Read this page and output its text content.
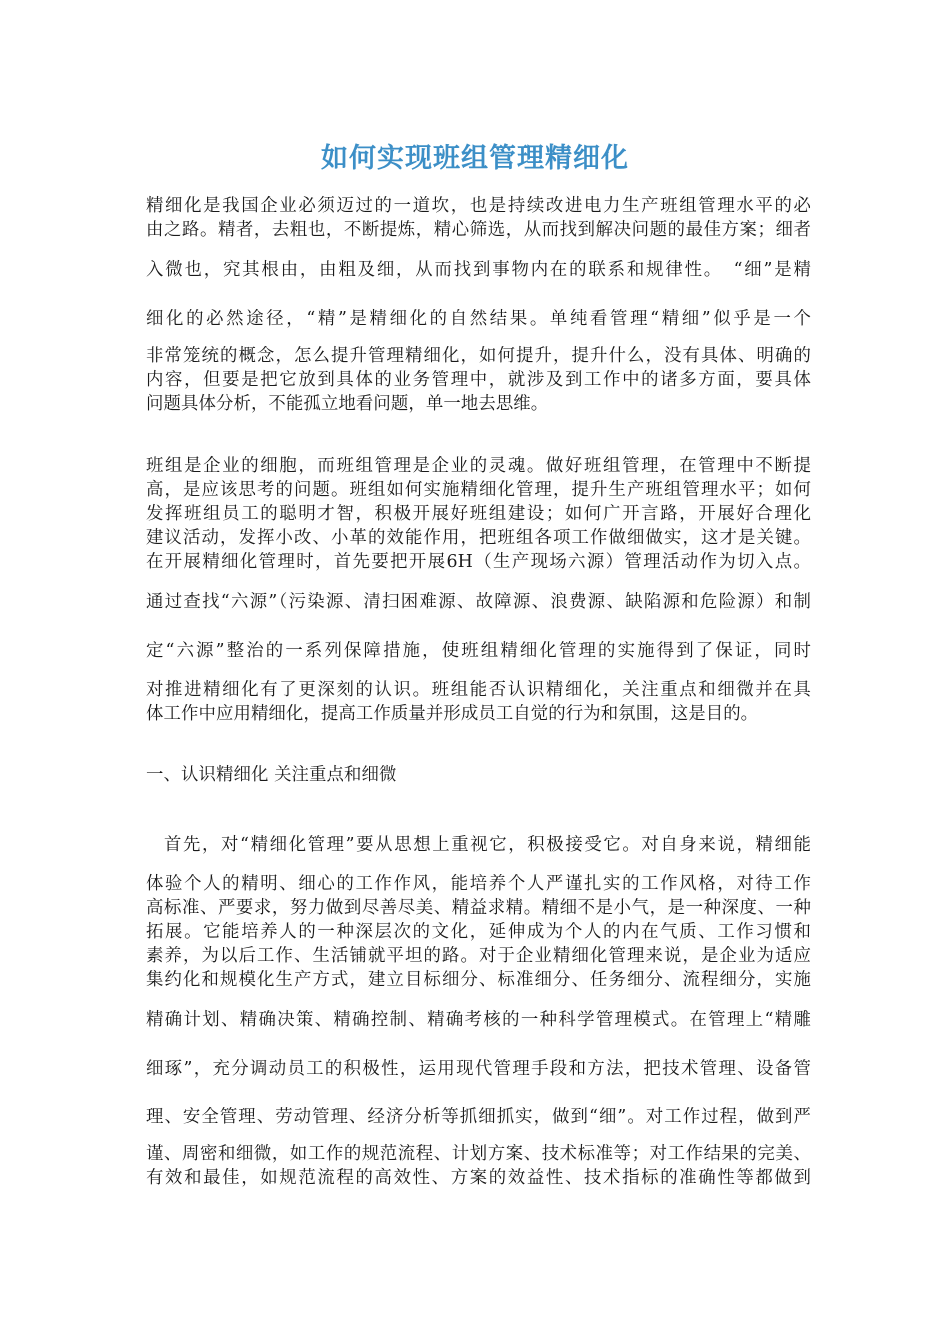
如何实现班组管理精细化
精细化是我国企业必须迈过的一道坎，也是持续改进电力生产班组管理水平的必
由之路。精者，去粗也，不断提炼，精心筛选，从而找到解决问题的最佳方案；细者
入微也，究其根由，由粗及细，从而找到事物内在的联系和规律性。　“细”是精
细化的必然途径，“精”是精细化的自然结果。单纯看管理“精细”似乎是一个
非常笼统的概念，怎么提升管理精细化，如何提升，提升什么，没有具体、明确的
内容，但要是把它放到具体的业务管理中，就涉及到工作中的诸多方面，要具体
问题具体分析，不能孤立地看问题，单一地去思维。
班组是企业的细胞，而班组管理是企业的灵魂。做好班组管理，在管理中不断提
高，是应该思考的问题。班组如何实施精细化管理，提升生产班组管理水平；如何
发挥班组员工的聪明才智，积极开展好班组建设；如何广开言路，开展好合理化
建议活动，发挥小改、小革的效能作用，把班组各项工作做细做实，这才是关键。
在开展精细化管理时，首先要把开展6H（生产现场六源）管理活动作为切入点。
通过查找“六源”（污染源、清扫困难源、故障源、浪费源、缺陷源和危险源）和制
定“六源”整治的一系列保障措施，使班组精细化管理的实施得到了保证，同时
对推进精细化有了更深刻的认识。班组能否认识精细化，关注重点和细微并在具
体工作中应用精细化，提高工作质量并形成员工自觉的行为和氛围，这是目的。
一、认识精细化 关注重点和细微
首先，对“精细化管理”要从思想上重视它，积极接受它。对自身来说，精细能
体验个人的精明、细心的工作作风，能培养个人严谨扎实的工作风格，对待工作
高标准、严要求，努力做到尽善尽美、精益求精。精细不是小气，是一种深度、一种
拓展。它能培养人的一种深层次的文化，延伸成为个人的内在气质、工作习惯和
素养，为以后工作、生活铺就平坦的路。对于企业精细化管理来说，是企业为适应
集约化和规模化生产方式，建立目标细分、标准细分、任务细分、流程细分，实施
精确计划、精确决策、精确控制、精确考核的一种科学管理模式。在管理上“精雕
细琢”，充分调动员工的积极性，运用现代管理手段和方法，把技术管理、设备管
理、安全管理、劳动管理、经济分析等抓细抓实，做到“细”。对工作过程，做到严
谨、周密和细微，如工作的规范流程、计划方案、技术标准等；对工作结果的完美、
有效和最佳，如规范流程的高效性、方案的效益性、技术指标的准确性等都做到
